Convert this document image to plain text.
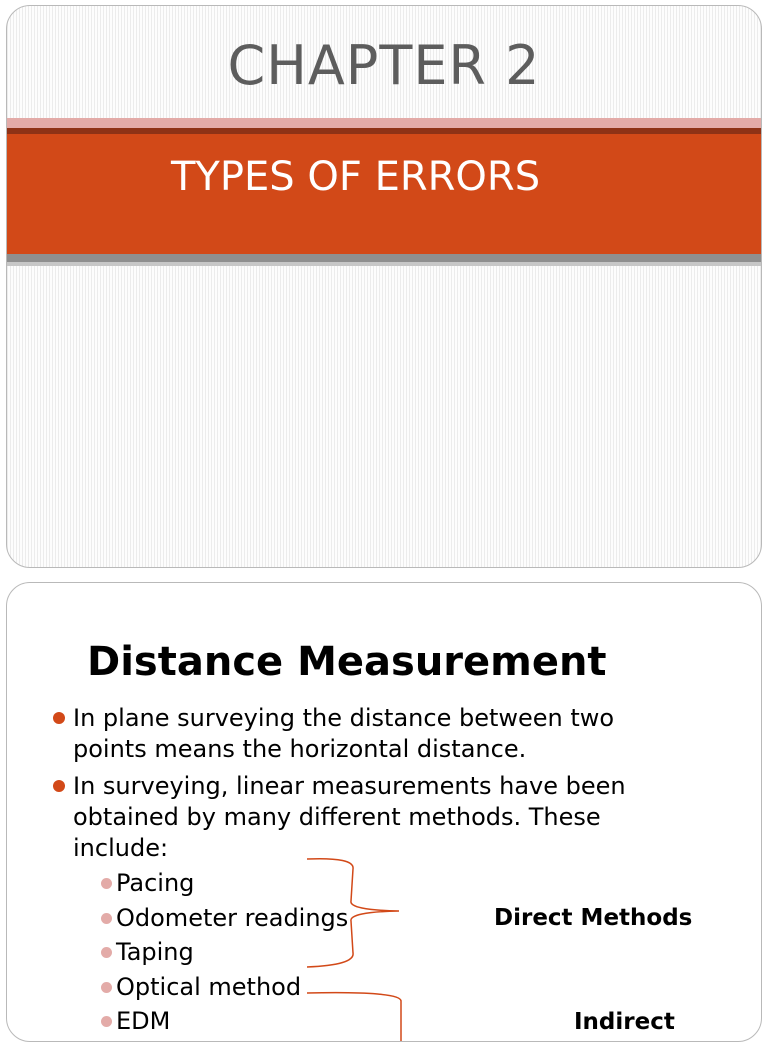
CHAPTER 2
TYPES OF ERRORS
Distance Measurement
In plane surveying the distance between two
points means the horizontal distance.
In surveying, linear measurements have been
obtained by many different methods. These
include:
Pacing
Odometer readings
Taping
Optical method
EDM
Direct Methods
Indirect
